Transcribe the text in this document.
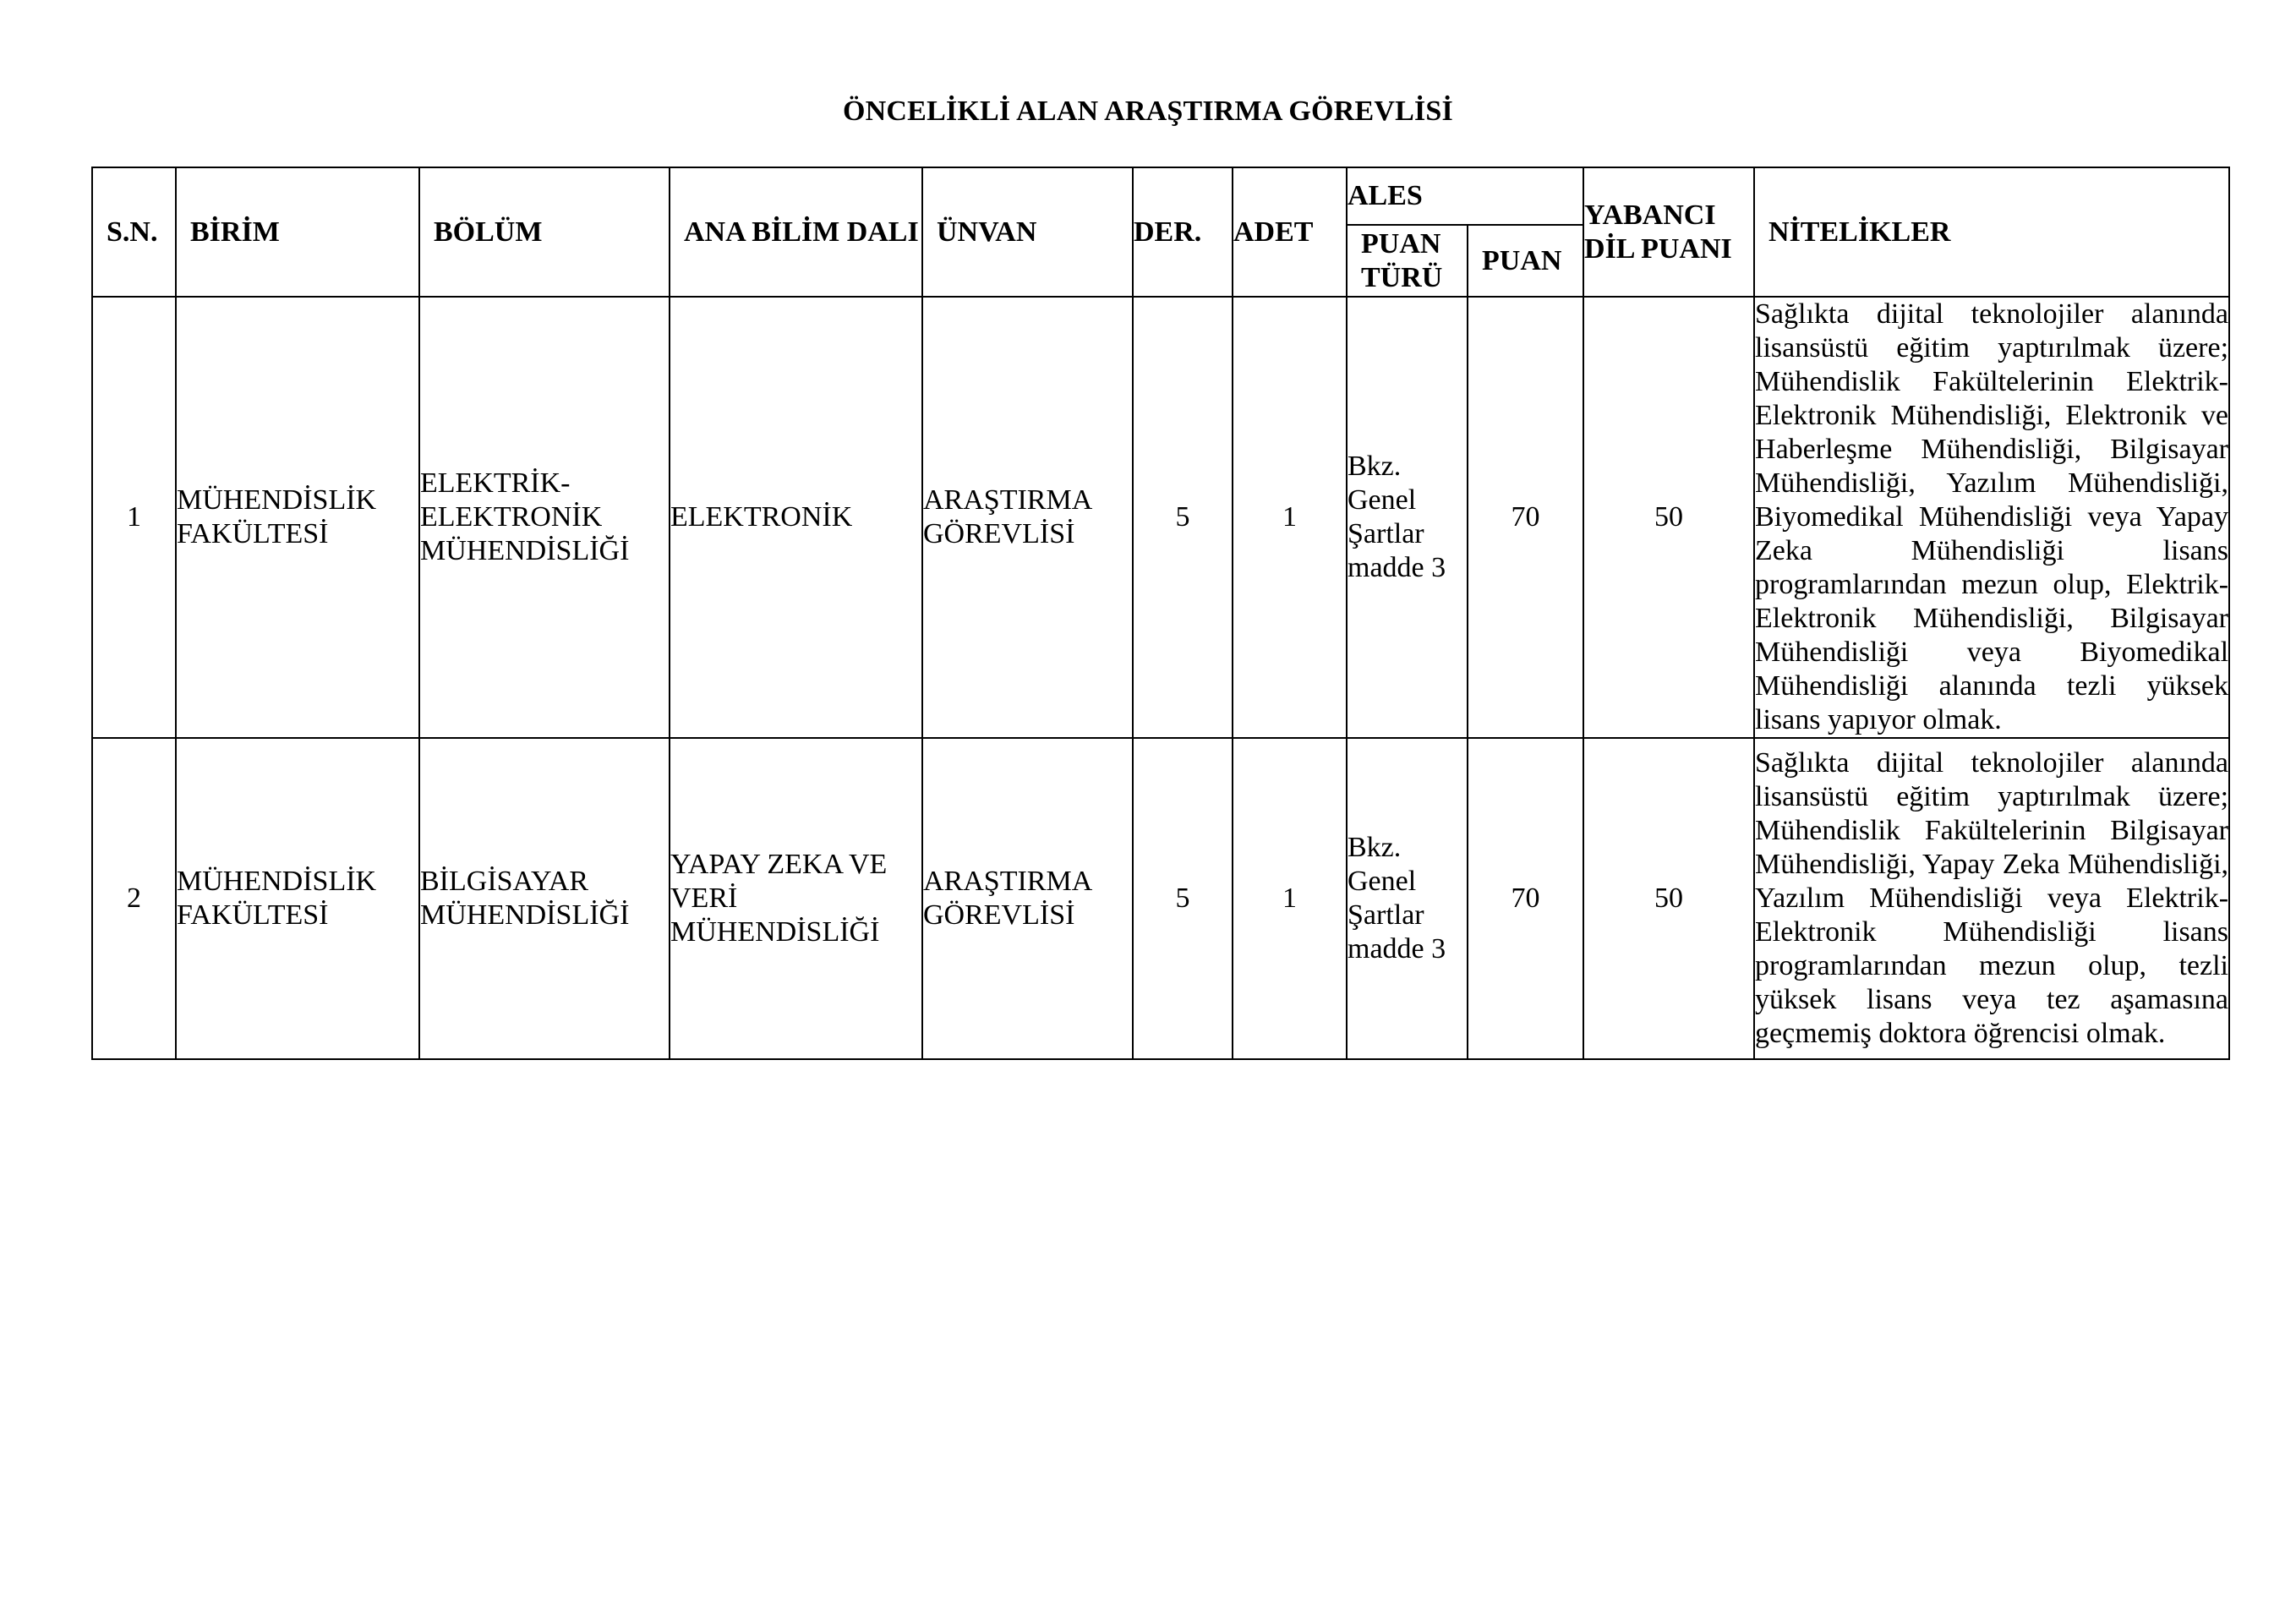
ÖNCELİKLİ ALAN ARAŞTIRMA GÖREVLİSİ
S.N.	BİRİM	BÖLÜM	ANA BİLİM DALI	ÜNVAN	DER.	ADET	ALES		YABANCI DİL PUANI	NİTELİKLER
							PUAN TÜRÜ	PUAN		
1	MÜHENDİSLİK FAKÜLTESİ	ELEKTRİK-ELEKTRONİK MÜHENDİSLİĞİ	ELEKTRONİK	ARAŞTIRMA GÖREVLİSİ	5	1	Bkz. Genel Şartlar madde 3	70	50	Sağlıkta dijital teknolojiler alanında lisansüstü eğitim yaptırılmak üzere; Mühendislik Fakültelerinin Elektrik-Elektronik Mühendisliği, Elektronik ve Haberleşme Mühendisliği, Bilgisayar Mühendisliği, Yazılım Mühendisliği, Biyomedikal Mühendisliği veya Yapay Zeka Mühendisliği lisans programlarından mezun olup, Elektrik-Elektronik Mühendisliği, Bilgisayar Mühendisliği veya Biyomedikal Mühendisliği alanında tezli yüksek lisans yapıyor olmak.
2	MÜHENDİSLİK FAKÜLTESİ	BİLGİSAYAR MÜHENDİSLİĞİ	YAPAY ZEKA VE VERİ MÜHENDİSLİĞİ	ARAŞTIRMA GÖREVLİSİ	5	1	Bkz. Genel Şartlar madde 3	70	50	Sağlıkta dijital teknolojiler alanında lisansüstü eğitim yaptırılmak üzere; Mühendislik Fakültelerinin Bilgisayar Mühendisliği, Yapay Zeka Mühendisliği, Yazılım Mühendisliği veya Elektrik-Elektronik Mühendisliği lisans programlarından mezun olup, tezli yüksek lisans veya tez aşamasına geçmemiş doktora öğrencisi olmak.
